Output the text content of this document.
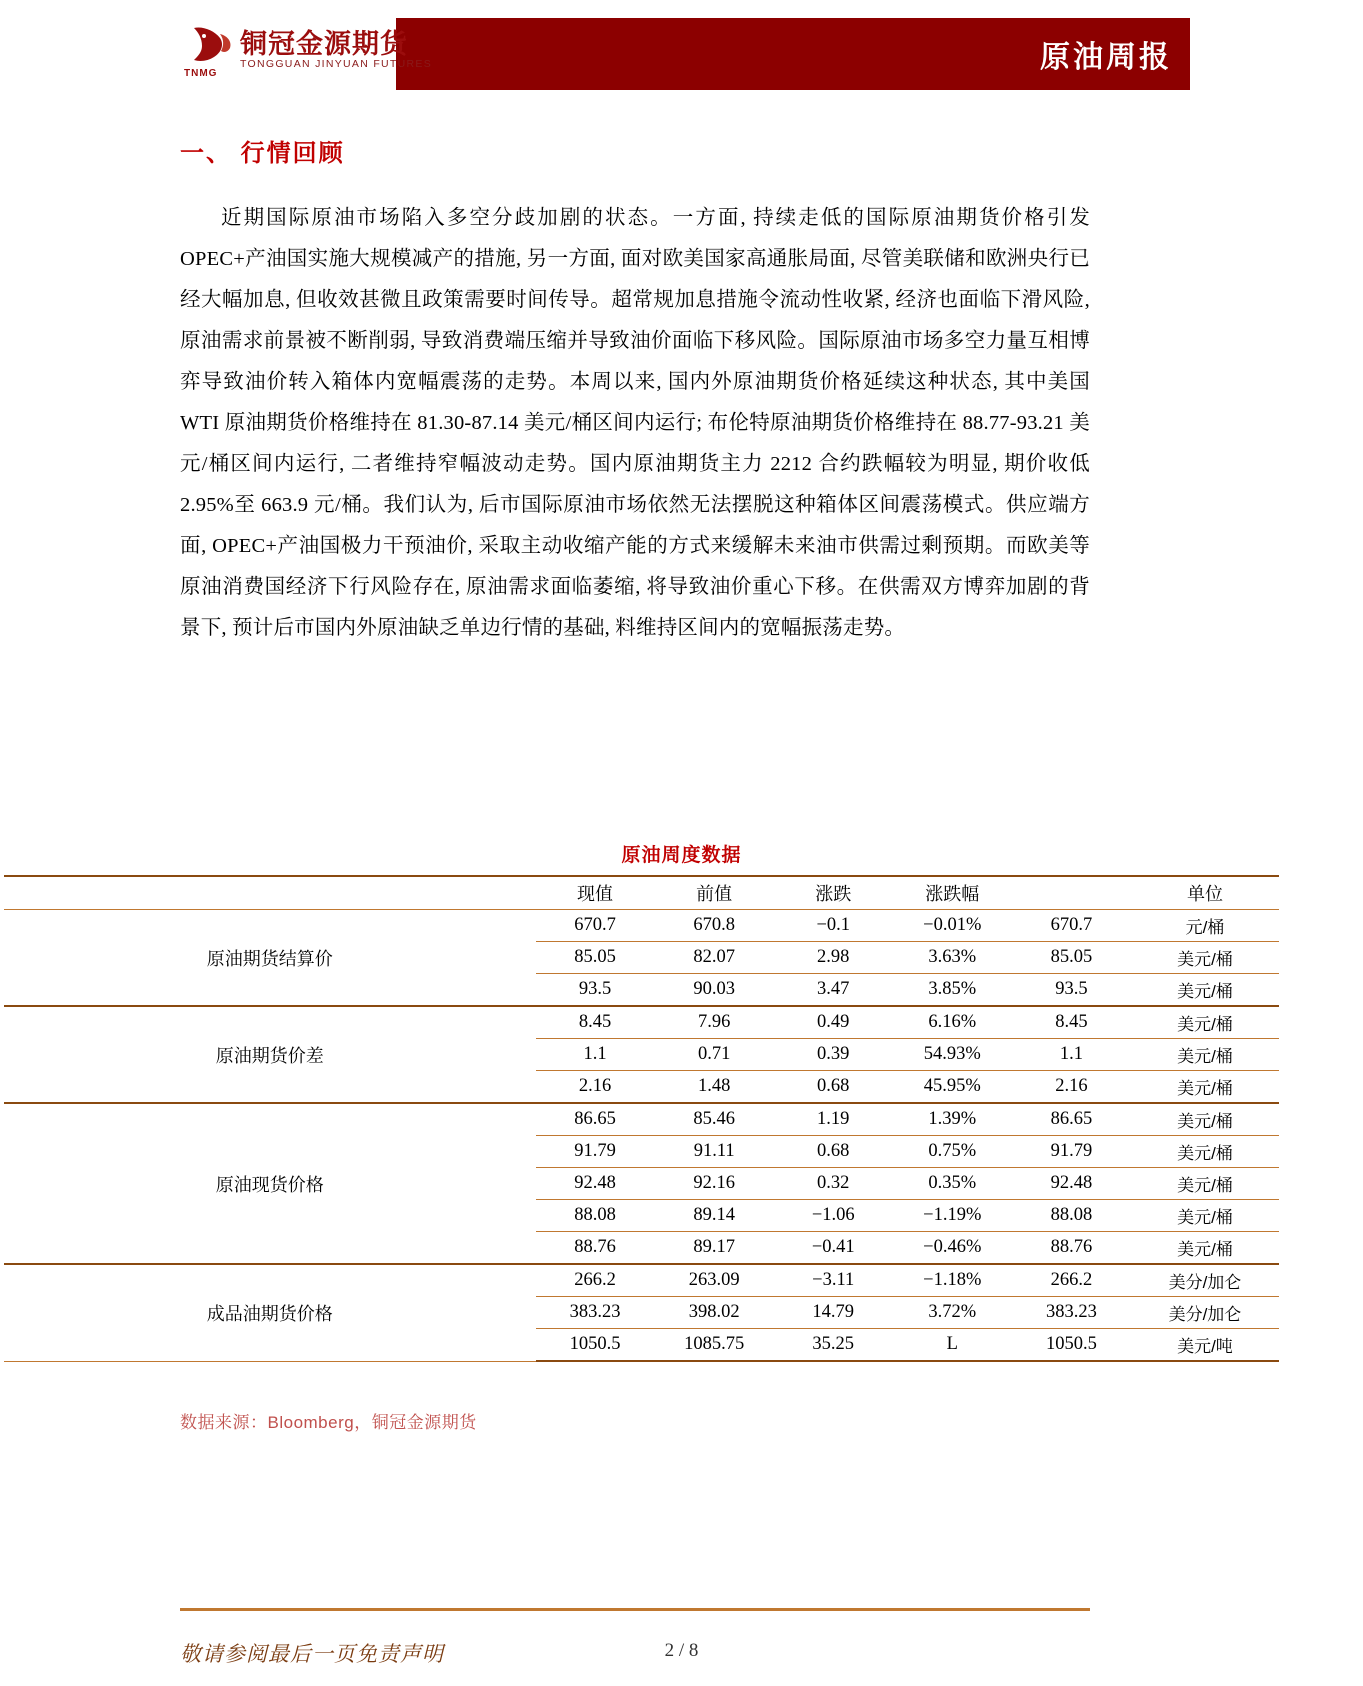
原油周报
铜冠金源期货
TONGGUAN JINYUAN FUTURES
TNMG
一、 行情回顾
近期国际原油市场陷入多空分歧加剧的状态。一方面, 持续走低的国际原油期货价格引发 OPEC+产油国实施大规模减产的措施, 另一方面, 面对欧美国家高通胀局面, 尽管美联储和欧洲央行已经大幅加息, 但收效甚微且政策需要时间传导。超常规加息措施令流动性收紧, 经济也面临下滑风险, 原油需求前景被不断削弱, 导致消费端压缩并导致油价面临下移风险。国际原油市场多空力量互相博弈导致油价转入箱体内宽幅震荡的走势。本周以来, 国内外原油期货价格延续这种状态, 其中美国 WTI 原油期货价格维持在 81.30-87.14 美元/桶区间内运行; 布伦特原油期货价格维持在 88.77-93.21 美元/桶区间内运行, 二者维持窄幅波动走势。国内原油期货主力 2212 合约跌幅较为明显, 期价收低 2.95%至 663.9 元/桶。我们认为, 后市国际原油市场依然无法摆脱这种箱体区间震荡模式。供应端方面, OPEC+产油国极力干预油价, 采取主动收缩产能的方式来缓解未来油市供需过剩预期。而欧美等原油消费国经济下行风险存在, 原油需求面临萎缩, 将导致油价重心下移。在供需双方博弈加剧的背景下, 预计后市国内外原油缺乏单边行情的基础, 料维持区间内的宽幅振荡走势。
原油周度数据
	现值	前值	涨跌	涨跌幅		单位
原油期货结算价	670.7	670.8	−0.1	−0.01%	670.7	元/桶
	85.05	82.07	2.98	3.63%	85.05	美元/桶
	93.5	90.03	3.47	3.85%	93.5	美元/桶
原油期货价差	8.45	7.96	0.49	6.16%	8.45	美元/桶
	1.1	0.71	0.39	54.93%	1.1	美元/桶
	2.16	1.48	0.68	45.95%	2.16	美元/桶
原油现货价格	86.65	85.46	1.19	1.39%	86.65	美元/桶
	91.79	91.11	0.68	0.75%	91.79	美元/桶
	92.48	92.16	0.32	0.35%	92.48	美元/桶
	88.08	89.14	−1.06	−1.19%	88.08	美元/桶
	88.76	89.17	−0.41	−0.46%	88.76	美元/桶
成品油期货价格	266.2	263.09	−3.11	−1.18%	266.2	美分/加仑
	383.23	398.02	14.79	3.72%	383.23	美分/加仑
	1050.5	1085.75	35.25	L	1050.5	美元/吨
数据来源：Bloomberg，铜冠金源期货
敬请参阅最后一页免责声明	2 / 8
